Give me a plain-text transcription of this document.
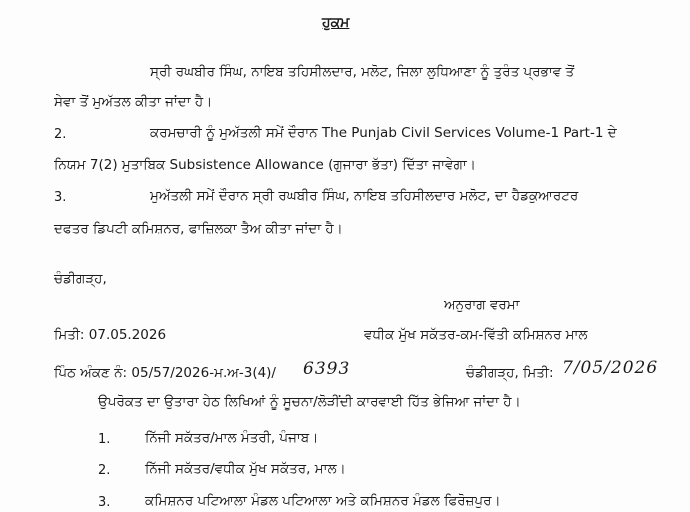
ਹੁਕਮ
ਸ੍ਰੀ ਰਘਬੀਰ ਸਿੰਘ, ਨਾਇਬ ਤਹਿਸੀਲਦਾਰ, ਮਲੋਟ, ਜਿਲਾ ਲੁਧਿਆਣਾ ਨੂੰ ਤੁਰੰਤ ਪ੍ਰਭਾਵ ਤੋਂ
ਸੇਵਾ ਤੋਂ ਮੁਅੱਤਲ ਕੀਤਾ ਜਾਂਦਾ ਹੈ।
2.	ਕਰਮਚਾਰੀ ਨੂੰ ਮੁਅੱਤਲੀ ਸਮੇਂ ਦੌਰਾਨ The Punjab Civil Services Volume-1 Part-1 ਦੇ
ਨਿਯਮ 7(2) ਮੁਤਾਬਿਕ Subsistence Allowance (ਗੁਜਾਰਾ ਭੱਤਾ) ਦਿੱਤਾ ਜਾਵੇਗਾ।
3.	ਮੁਅੱਤਲੀ ਸਮੇਂ ਦੌਰਾਨ ਸ੍ਰੀ ਰਘਬੀਰ ਸਿੰਘ, ਨਾਇਬ ਤਹਿਸੀਲਦਾਰ ਮਲੋਟ, ਦਾ ਹੈਡਕੁਆਰਟਰ
ਦਫਤਰ ਡਿਪਟੀ ਕਮਿਸ਼ਨਰ, ਫਾਜ਼ਿਲਕਾ ਤੈਅ ਕੀਤਾ ਜਾਂਦਾ ਹੈ।
ਚੰਡੀਗੜ੍ਹ,
ਅਨੁਰਾਗ ਵਰਮਾ
ਮਿਤੀ: 07.05.2026	ਵਧੀਕ ਮੁੱਖ ਸਕੱਤਰ-ਕਮ-ਵਿੱਤੀ ਕਮਿਸ਼ਨਰ ਮਾਲ
ਪਿੰਠ ਅੰਕਣ ਨੰ: 05/57/2026-ਮ.ਅ-3(4)/ 6393	ਚੰਡੀਗੜ੍ਹ, ਮਿਤੀ: 7/05/2026
ਉਪਰੋਕਤ ਦਾ ਉਤਾਰਾ ਹੇਠ ਲਿਖਿਆਂ ਨੂੰ ਸੂਚਨਾ/ਲੋੜੀਂਦੀ ਕਾਰਵਾਈ ਹਿੱਤ ਭੇਜਿਆ ਜਾਂਦਾ ਹੈ।
1.	ਨਿੱਜੀ ਸਕੱਤਰ/ਮਾਲ ਮੰਤਰੀ, ਪੰਜਾਬ।
2.	ਨਿੱਜੀ ਸਕੱਤਰ/ਵਧੀਕ ਮੁੱਖ ਸਕੱਤਰ, ਮਾਲ।
3.	ਕਮਿਸ਼ਨਰ ਪਟਿਆਲਾ ਮੰਡਲ ਪਟਿਆਲਾ ਅਤੇ ਕਮਿਸ਼ਨਰ ਮੰਡਲ ਫਿਰੋਜ਼ਪੁਰ।
